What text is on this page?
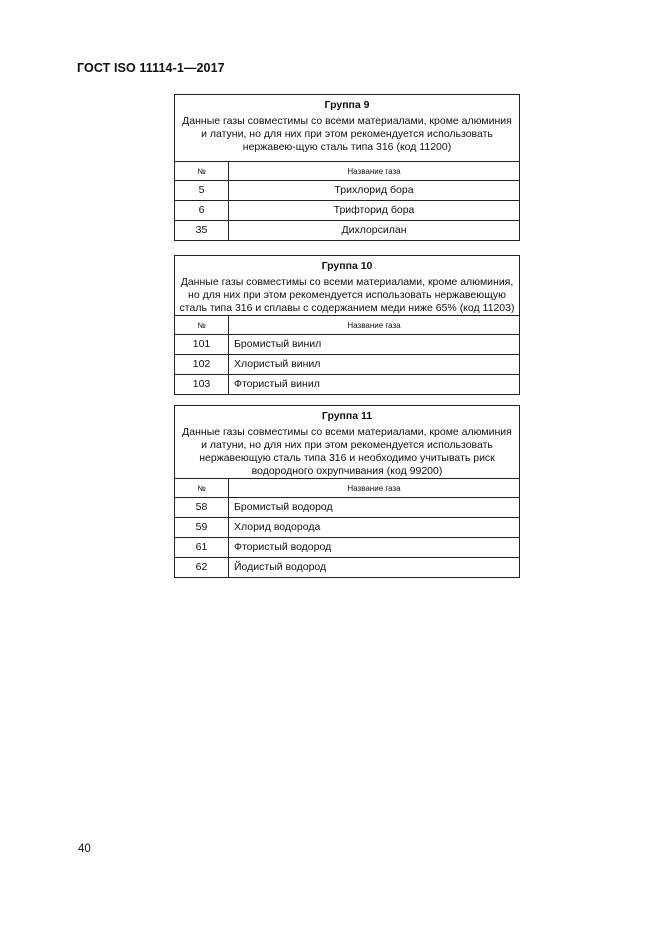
ГОСТ ISO 11114-1—2017
Группа 9
Данные газы совместимы со всеми материалами, кроме алюминия и латуни, но для них при этом рекомендуется использовать нержавею-щую сталь типа 316 (код 11200)	

№	Название газа
5	Трихлорид бора
6	Трифторид бора
35	Дихлорсилан
Группа 10
Данные газы совместимы со всеми материалами, кроме алюминия, но для них при этом рекомендуется использовать нержавеющую сталь типа 316 и сплавы с содержанием меди ниже 65% (код 11203)	

№	Название газа
101	Бромистый винил
102	Хлористый винил
103	Фтористый винил
Группа 11
Данные газы совместимы со всеми материалами, кроме алюминия и латуни, но для них при этом рекомендуется использовать нержавеющую сталь типа 316 и необходимо учитывать риск водородного охрупчивания (код 99200)	

№	Название газа
58	Бромистый водород
59	Хлорид водорода
61	Фтористый водород
62	Йодистый водород
40
